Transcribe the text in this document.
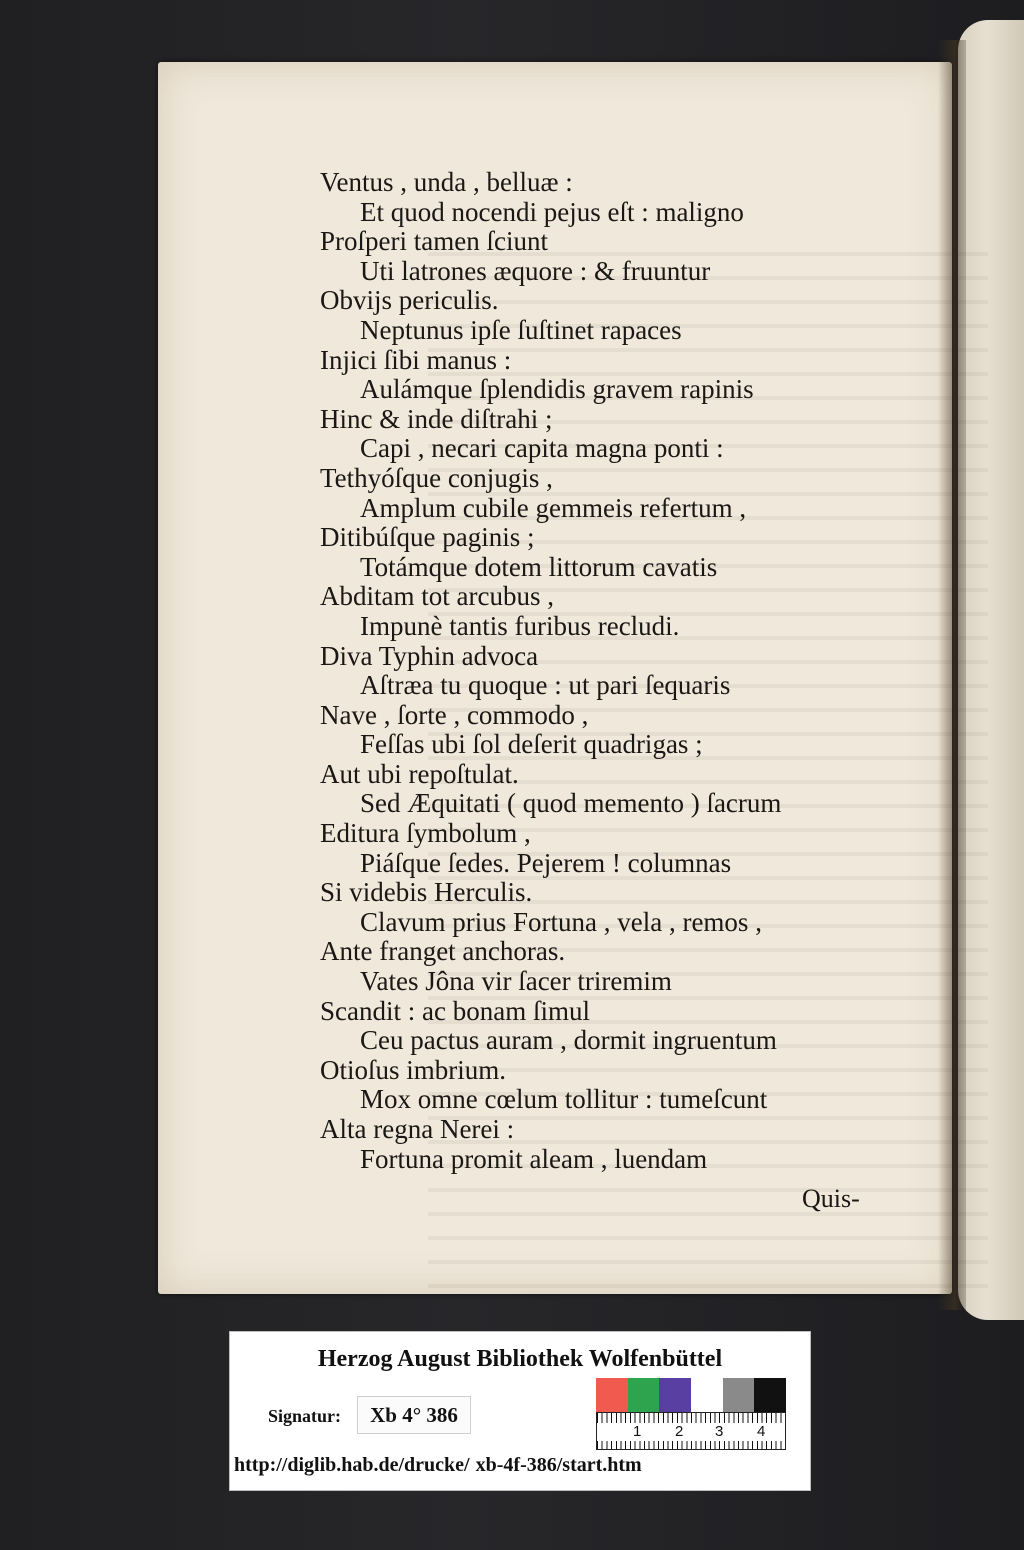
Ventus , unda , belluæ :
Et quod nocendi pejus eſt : maligno
Proſperi tamen ſciunt
Uti latrones æquore : & fruuntur
Obvijs periculis.
Neptunus ipſe ſuſtinet rapaces
Injici ſibi manus :
Aulámque ſplendidis gravem rapinis
Hinc & inde diſtrahi ;
Capi , necari capita magna ponti :
Tethyóſque conjugis ,
Amplum cubile gemmeis refertum ,
Ditibúſque paginis ;
Totámque dotem littorum cavatis
Abditam tot arcubus ,
Impunè tantis furibus recludi.
Diva Typhin advoca
Aſtræa tu quoque : ut pari ſequaris
Nave , ſorte , commodo ,
Feſſas ubi ſol deſerit quadrigas ;
Aut ubi repoſtulat.
Sed Æquitati ( quod memento ) ſacrum
Editura ſymbolum ,
Piáſque ſedes. Pejerem ! columnas
Si videbis Herculis.
Clavum prius Fortuna , vela , remos ,
Ante franget anchoras.
Vates Jôna vir ſacer triremim
Scandit : ac bonam ſimul
Ceu pactus auram , dormit ingruentum
Otioſus imbrium.
Mox omne cœlum tollitur : tumeſcunt
Alta regna Nerei :
Fortuna promit aleam , luendam
Quis-
Herzog August Bibliothek Wolfenbüttel
Signatur:	Xb 4° 386
1 2 3 4
http://diglib.hab.de/drucke/ xb-4f-386/start.htm
